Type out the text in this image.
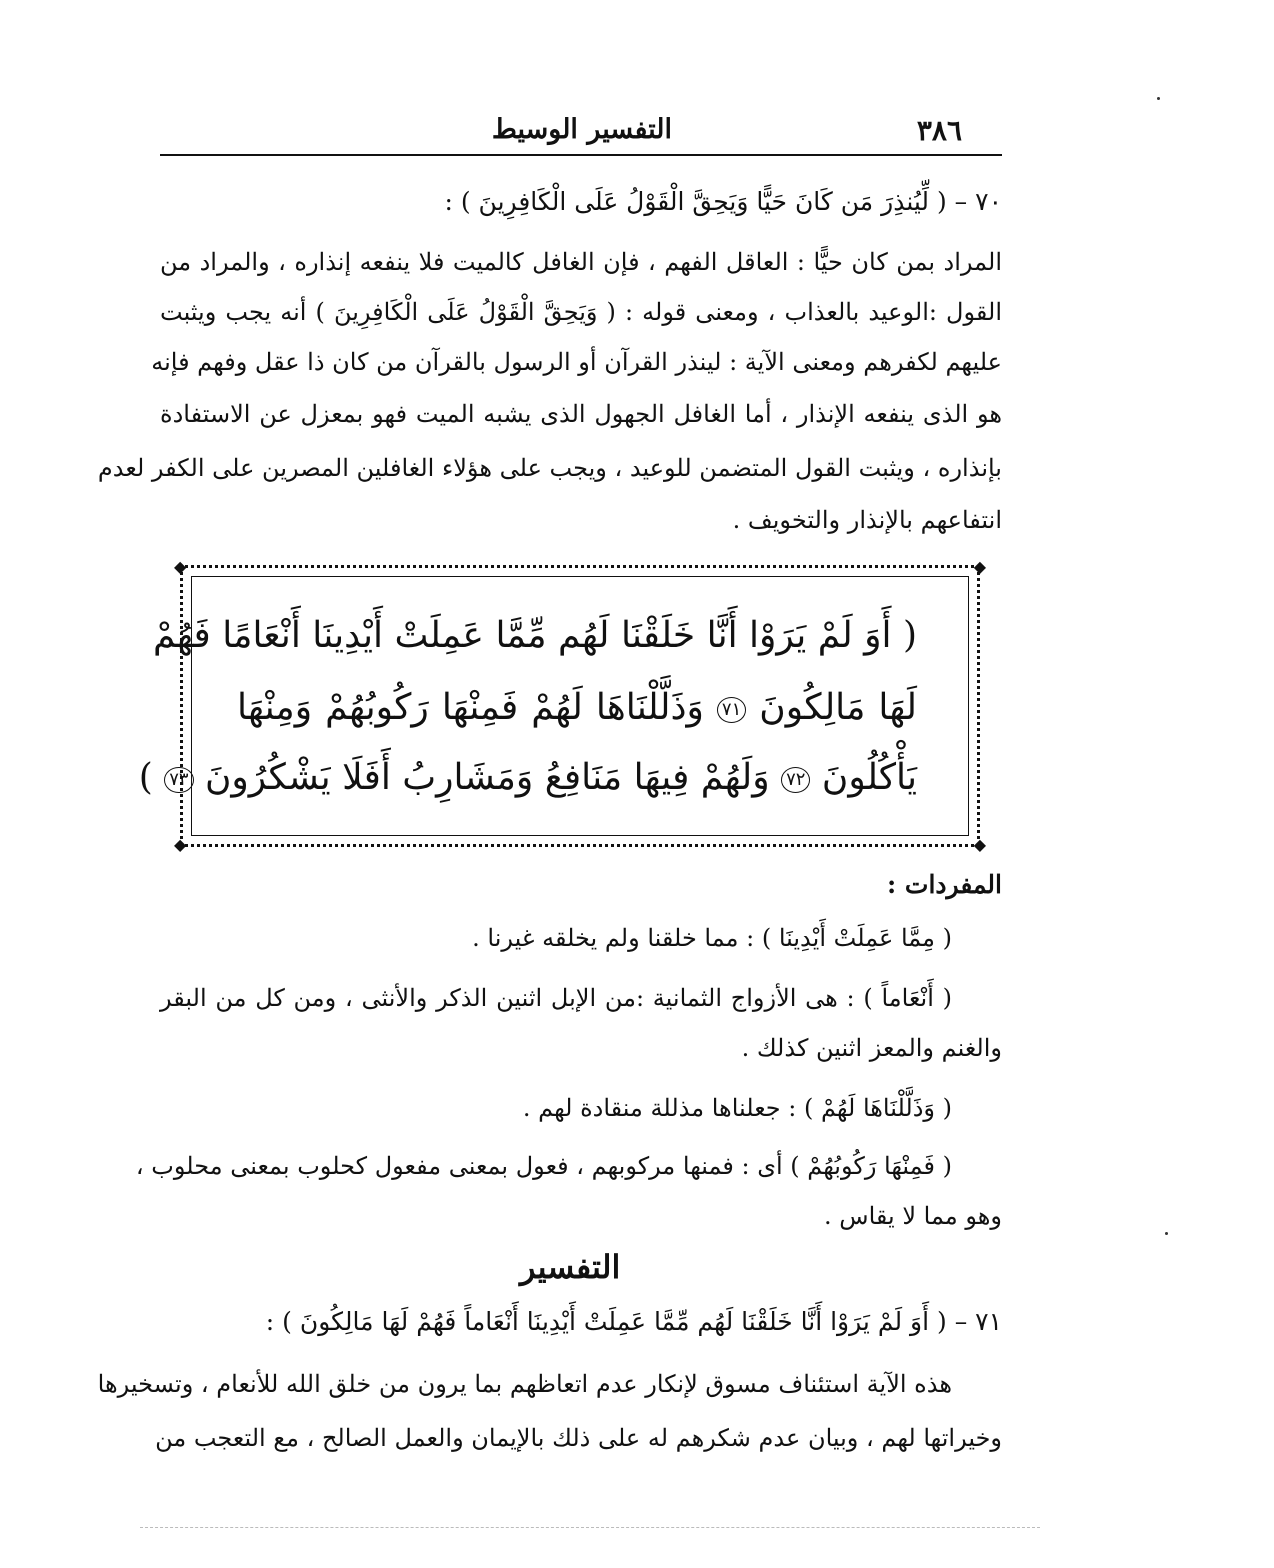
٣٨٦
التفسير الوسيط
٧٠ – ( لِّيُنذِرَ مَن كَانَ حَيًّا وَيَحِقَّ الْقَوْلُ عَلَى الْكَافِرِينَ ) :
المراد بمن كان حيًّا : العاقل الفهم ، فإن الغافل كالميت فلا ينفعه إنذاره ، والمراد من
القول :الوعيد بالعذاب ، ومعنى قوله : ( وَيَحِقَّ الْقَوْلُ عَلَى الْكَافِرِينَ ) أنه يجب ويثبت
عليهم لكفرهم ومعنى الآية : لينذر القرآن أو الرسول بالقرآن من كان ذا عقل وفهم فإنه
هو الذى ينفعه الإنذار ، أما الغافل الجهول الذى يشبه الميت فهو بمعزل عن الاستفادة
بإنذاره ، ويثبت القول المتضمن للوعيد ، ويجب على هؤلاء الغافلين المصرين على الكفر لعدم
انتفاعهم بالإنذار والتخويف .
◆	◆
◆	◆
( أَوَ لَمْ يَرَوْا أَنَّا خَلَقْنَا لَهُم مِّمَّا عَمِلَتْ أَيْدِينَا أَنْعَامًا فَهُمْ
لَهَا مَالِكُونَ ٧١ وَذَلَّلْنَاهَا لَهُمْ فَمِنْهَا رَكُوبُهُمْ وَمِنْهَا
يَأْكُلُونَ ٧٢ وَلَهُمْ فِيهَا مَنَافِعُ وَمَشَارِبُ أَفَلَا يَشْكُرُونَ ٧٣ )
المفردات :
( مِمَّا عَمِلَتْ أَيْدِينَا ) : مما خلقنا ولم يخلقه غيرنا .
( أَنْعَاماً ) : هى الأزواج الثمانية :من الإبل اثنين الذكر والأنثى ، ومن كل من البقر
والغنم والمعز اثنين كذلك .
( وَذَلَّلْنَاهَا لَهُمْ ) : جعلناها مذللة منقادة لهم .
( فَمِنْهَا رَكُوبُهُمْ ) أى : فمنها مركوبهم ، فعول بمعنى مفعول كحلوب بمعنى محلوب ،
وهو مما لا يقاس .
التفسير
٧١ – ( أَوَ لَمْ يَرَوْا أَنَّا خَلَقْنَا لَهُم مِّمَّا عَمِلَتْ أَيْدِينَا أَنْعَاماً فَهُمْ لَهَا مَالِكُونَ ) :
هذه الآية استئناف مسوق لإنكار عدم اتعاظهم بما يرون من خلق الله للأنعام ، وتسخيرها
وخيراتها لهم ، وبيان عدم شكرهم له على ذلك بالإيمان والعمل الصالح ، مع التعجب من
